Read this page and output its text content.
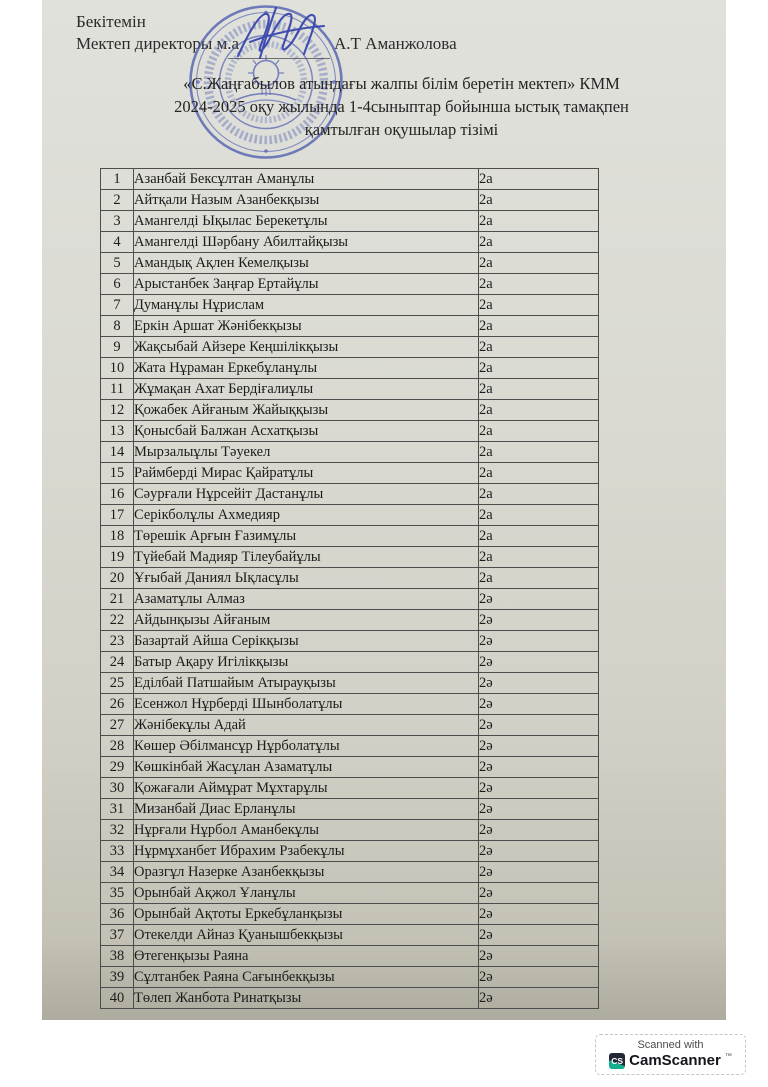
Бекітемін
Мектеп директоры м.а	А.Т Аманжолова
«С.Жаңғабылов атындағы жалпы білім беретін мектеп» КММ
2024-2025 оқу жылында 1-4сыныптар бойынша ыстық тамақпен
қамтылған оқушылар тізімі
1	Азанбай Бексұлтан Аманұлы	2а
2	Айтқали Назым Азанбекқызы	2а
3	Амангелді Ықылас Берекетұлы	2а
4	Амангелді Шәрбану Абилтайқызы	2а
5	Амандық Ақлен Кемелқызы	2а
6	Арыстанбек Заңғар Ертайұлы	2а
7	Думанұлы Нұрислам	2а
8	Еркін Аршат Жәнібекқызы	2а
9	Жақсыбай Айзере Кеңшілікқызы	2а
10	Жата Нұраман Еркебұланұлы	2а
11	Жұмақан Ахат Бердіғалиұлы	2а
12	Қожабек Айғаным Жайыққызы	2а
13	Қонысбай Балжан Асхатқызы	2а
14	Мырзалыұлы Тәуекел	2а
15	Раймберді Мирас Қайратұлы	2а
16	Сәурғали Нұрсейіт Дастанұлы	2а
17	Серікболұлы Ахмедияр	2а
18	Төрешік Арғын Ғазимұлы	2а
19	Түйебай Мадияр Тілеубайұлы	2а
20	Ұғыбай Даниял Ықласұлы	2а
21	Азаматұлы Алмаз	2ә
22	Айдынқызы Айғаным	2ә
23	Базартай Айша Серікқызы	2ә
24	Батыр Ақару Игілікқызы	2ә
25	Еділбай Патшайым Атырауқызы	2ә
26	Есенжол Нұрберді Шынболатұлы	2ә
27	Жәнібекұлы Адай	2ә
28	Көшер Әбілмансұр Нұрболатұлы	2ә
29	Көшкінбай Жасұлан Азаматұлы	2ә
30	Қожағали Аймұрат Мұхтарұлы	2ә
31	Мизанбай Диас Ерланұлы	2ә
32	Нұрғали Нұрбол Аманбекұлы	2ә
33	Нұрмұханбет Ибрахим Рзабекұлы	2ә
34	Оразгұл Назерке Азанбекқызы	2ә
35	Орынбай Ақжол Ұланұлы	2ә
36	Орынбай Ақтоты Еркебұланқызы	2ә
37	Отекелди Айназ Қуанышбекқызы	2ә
38	Өтегенқызы Раяна	2ә
39	Сұлтанбек Раяна Сағынбекқызы	2ә
40	Төлеп Жанбота Ринатқызы	2ә
Scanned with
CS CamScanner ™
